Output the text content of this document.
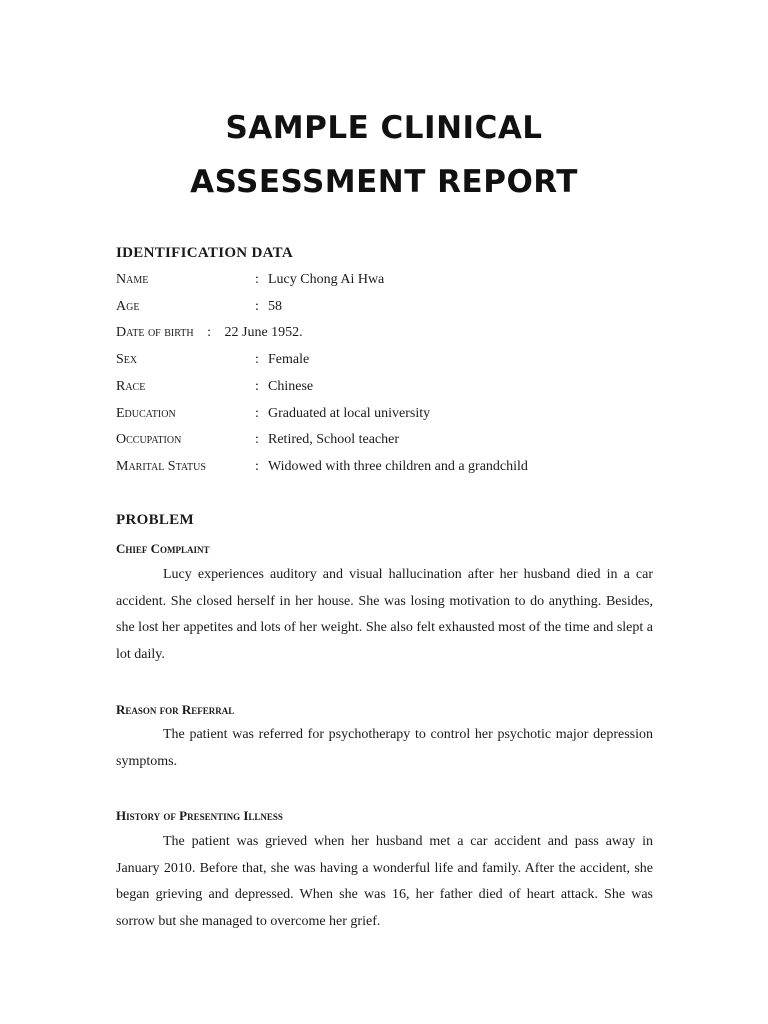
SAMPLE CLINICAL
ASSESSMENT REPORT
IDENTIFICATION DATA
Name	: Lucy Chong Ai Hwa
Age	: 58
Date of birth : 22 June 1952.
Sex	: Female
Race	: Chinese
Education	: Graduated at local university
Occupation	: Retired, School teacher
Marital Status	: Widowed with three children and a grandchild
PROBLEM
Chief Complaint

Lucy experiences auditory and visual hallucination after her husband died in a car accident. She closed herself in her house. She was losing motivation to do anything. Besides, she lost her appetites and lots of her weight. She also felt exhausted most of the time and slept a lot daily.

Reason for Referral

The patient was referred for psychotherapy to control her psychotic major depression symptoms.

History of Presenting Illness

The patient was grieved when her husband met a car accident and pass away in January 2010. Before that, she was having a wonderful life and family. After the accident, she began grieving and depressed. When she was 16, her father died of heart attack. She was sorrow but she managed to overcome her grief.
